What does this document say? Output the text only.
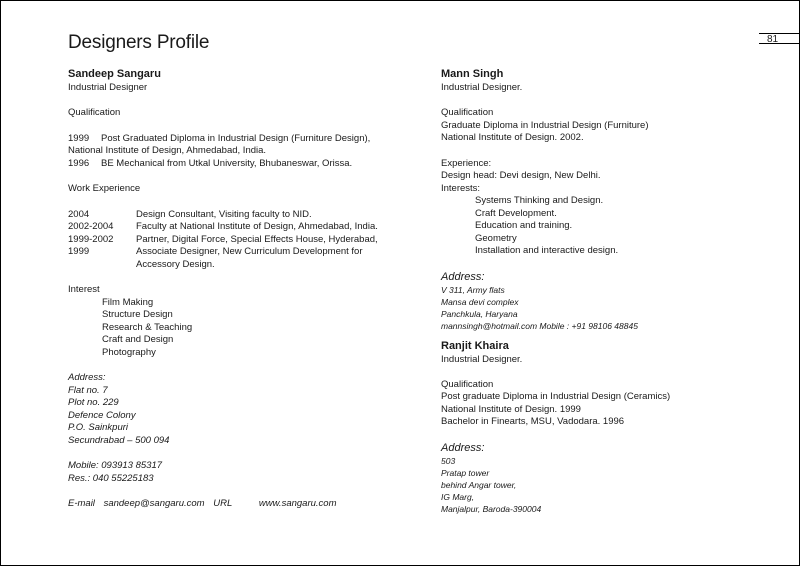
Designers Profile	81

Sandeep Sangaru

Industrial Designer

Qualification
1999 Post Graduated Diploma in Industrial Design (Furniture Design),
National Institute of Design, Ahmedabad, India.
1996 BE Mechanical from Utkal University, Bhubaneswar, Orissa.
Work Experience
2004	Design Consultant, Visiting faculty to NID.
2002-2004	Faculty at National Institute of Design, Ahmedabad, India.
1999-2002	Partner, Digital Force, Special Effects House, Hyderabad,
1999	Associate Designer, New Curriculum Development for
Accessory Design.
Interest
Film Making
Structure Design
Research & Teaching
Craft and Design
Photography
Address:
Flat no. 7
Plot no. 229
Defence Colony
P.O. Sainkpuri
Secundrabad – 500 094
Mobile: 093913 85317
Res.: 040 55225183
E-mail sandeep@sangaru.com URL	www.sangaru.com

Mann Singh

Industrial Designer.

Qualification
Graduate Diploma in Industrial Design (Furniture)
National Institute of Design. 2002.
Experience:
Design head: Devi design, New Delhi.
Interests:
Systems Thinking and Design.
Craft Development.
Education and training.
Geometry
Installation and interactive design.
Address:
V 311, Army flats
Mansa devi complex
Panchkula, Haryana
mannsingh@hotmail.com Mobile : +91 98106 48845

Ranjit Khaira

Industrial Designer.

Qualification
Post graduate Diploma in Industrial Design (Ceramics)
National Institute of Design. 1999
Bachelor in Finearts, MSU, Vadodara. 1996
Address:
503
Pratap tower
behind Angar tower,
IG Marg,
Manjalpur, Baroda-390004
